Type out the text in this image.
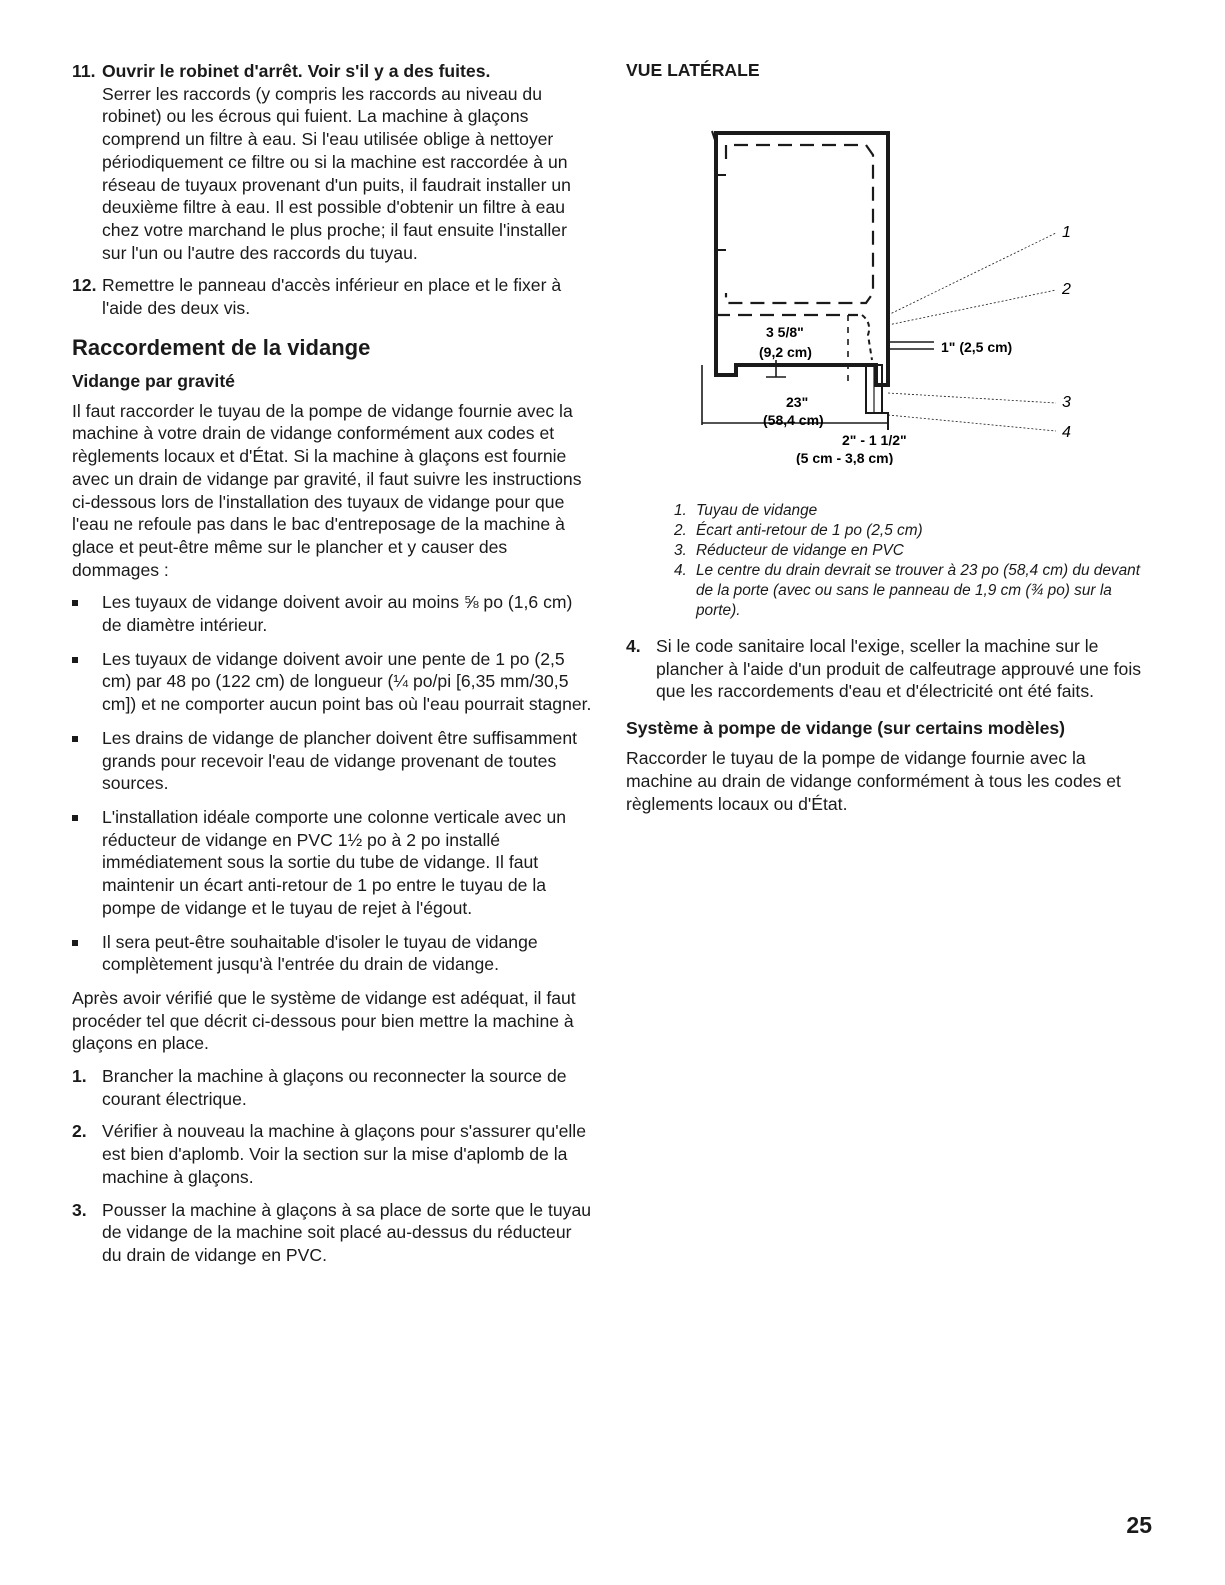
11. Ouvrir le robinet d'arrêt. Voir s'il y a des fuites.

Serrer les raccords (y compris les raccords au niveau du robinet) ou les écrous qui fuient. La machine à glaçons comprend un filtre à eau. Si l'eau utilisée oblige à nettoyer périodiquement ce filtre ou si la machine est raccordée à un réseau de tuyaux provenant d'un puits, il faudrait installer un deuxième filtre à eau. Il est possible d'obtenir un filtre à eau chez votre marchand le plus proche; il faut ensuite l'installer sur l'un ou l'autre des raccords du tuyau.

12. Remettre le panneau d'accès inférieur en place et le fixer à l'aide des deux vis.

Raccordement de la vidange
Vidange par gravité

Il faut raccorder le tuyau de la pompe de vidange fournie avec la machine à votre drain de vidange conformément aux codes et règlements locaux et d'État. Si la machine à glaçons est fournie avec un drain de vidange par gravité, il faut suivre les instructions ci-dessous lors de l'installation des tuyaux de vidange pour que l'eau ne refoule pas dans le bac d'entreposage de la machine à glace et peut-être même sur le plancher et y causer des dommages :

Les tuyaux de vidange doivent avoir au moins ⅝ po (1,6 cm) de diamètre intérieur.
Les tuyaux de vidange doivent avoir une pente de 1 po (2,5 cm) par 48 po (122 cm) de longueur (¼ po/pi [6,35 mm/30,5 cm]) et ne comporter aucun point bas où l'eau pourrait stagner.
Les drains de vidange de plancher doivent être suffisamment grands pour recevoir l'eau de vidange provenant de toutes sources.
L'installation idéale comporte une colonne verticale avec un réducteur de vidange en PVC 1½ po à 2 po installé immédiatement sous la sortie du tube de vidange. Il faut maintenir un écart anti-retour de 1 po entre le tuyau de la pompe de vidange et le tuyau de rejet à l'égout.
Il sera peut-être souhaitable d'isoler le tuyau de vidange complètement jusqu'à l'entrée du drain de vidange.

Après avoir vérifié que le système de vidange est adéquat, il faut procéder tel que décrit ci-dessous pour bien mettre la machine à glaçons en place.

1. Brancher la machine à glaçons ou reconnecter la source de courant électrique.

2. Vérifier à nouveau la machine à glaçons pour s'assurer qu'elle est bien d'aplomb. Voir la section sur la mise d'aplomb de la machine à glaçons.

3. Pousser la machine à glaçons à sa place de sorte que le tuyau de vidange de la machine soit placé au-dessus du réducteur du drain de vidange en PVC.

VUE LATÉRALE
3 5/8"
(9,2 cm)	1" (2,5 cm)
23"
(58,4 cm)
2" - 1 1/2"
(5 cm - 3,8 cm)
1
2
3
4
1. Tuyau de vidange
2. Écart anti-retour de 1 po (2,5 cm)
3. Réducteur de vidange en PVC
4. Le centre du drain devrait se trouver à 23 po (58,4 cm) du devant de la porte (avec ou sans le panneau de 1,9 cm (¾ po) sur la porte).
4. Si le code sanitaire local l'exige, sceller la machine sur le plancher à l'aide d'un produit de calfeutrage approuvé une fois que les raccordements d'eau et d'électricité ont été faits.

Système à pompe de vidange (sur certains modèles)

Raccorder le tuyau de la pompe de vidange fournie avec la machine au drain de vidange conformément à tous les codes et règlements locaux ou d'État.

25
